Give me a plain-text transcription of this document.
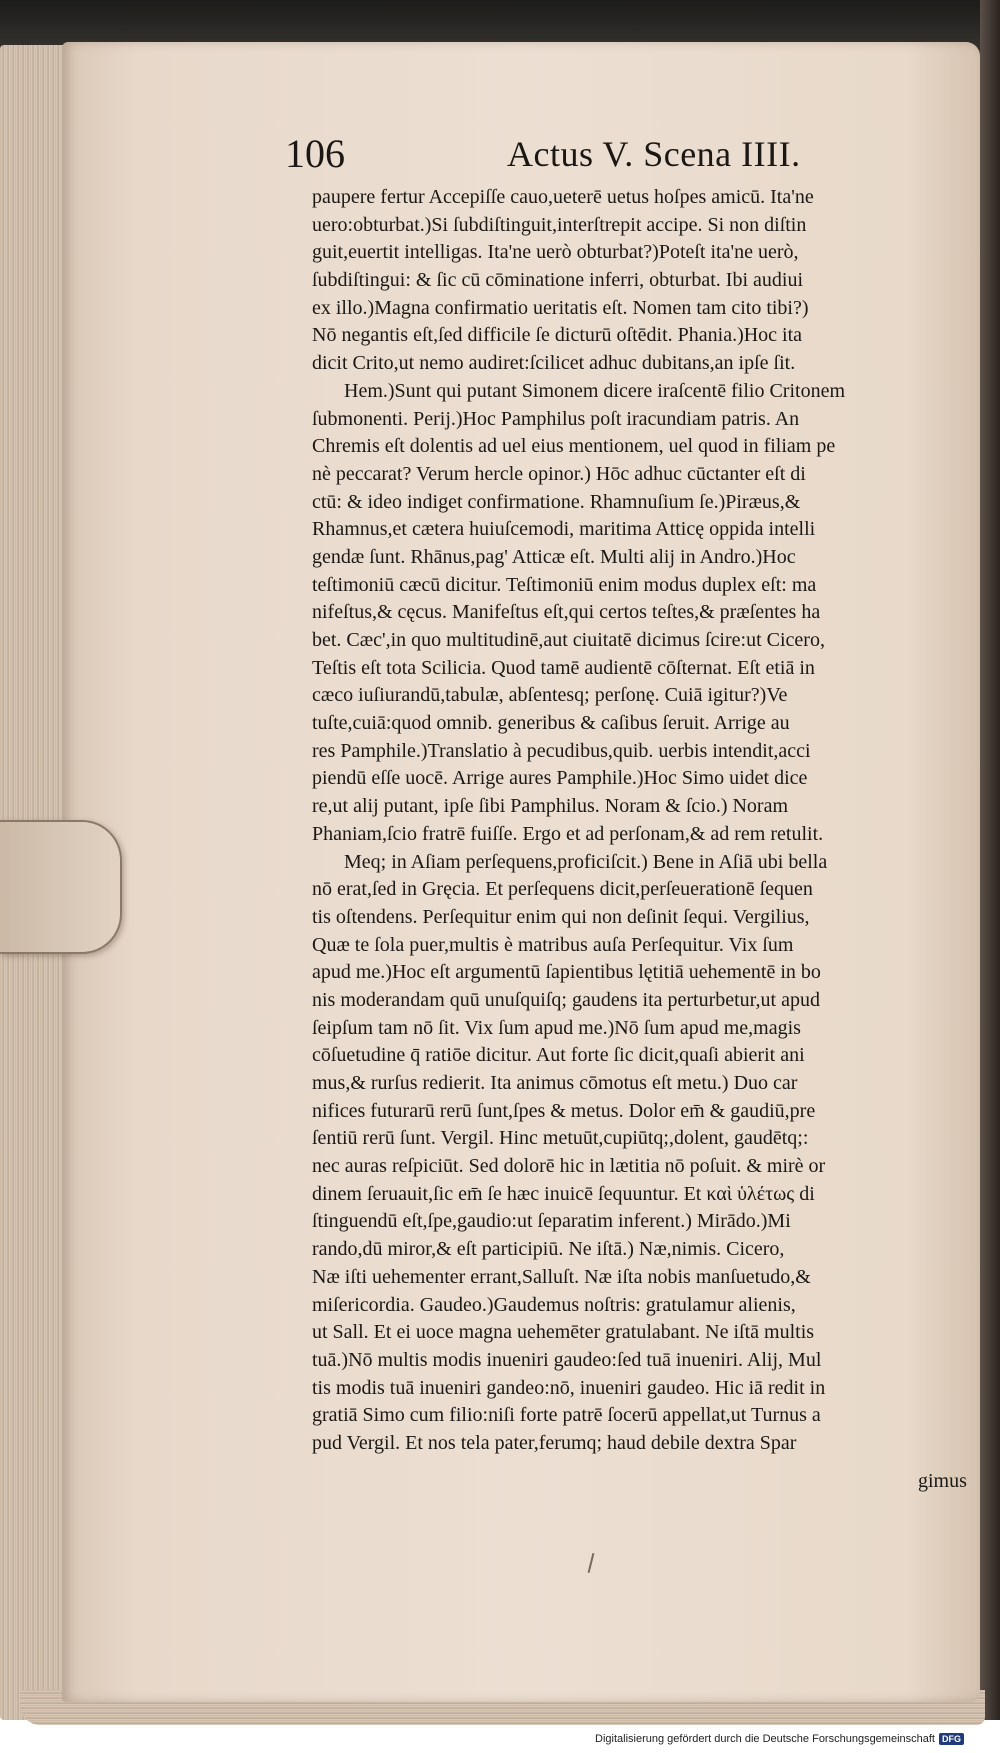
106	Actus V. Scena IIII.
paupere fertur Accepiſſe cauo,ueterē uetus hoſpes amicū. Ita'ne
uero:obturbat.)Si ſubdiſtinguit,interſtrepit accipe. Si non diſtin
guit,euertit intelligas. Ita'ne uerò obturbat?)Poteſt ita'ne uerò,
ſubdiſtingui: & ſic cū cōminatione inferri, obturbat. Ibi audiui
ex illo.)Magna confirmatio ueritatis eſt. Nomen tam cito tibi?)
Nō negantis eſt,ſed difficile ſe dicturū oſtēdit. Phania.)Hoc ita
dicit Crito,ut nemo audiret:ſcilicet adhuc dubitans,an ipſe ſit.
Hem.)Sunt qui putant Simonem dicere iraſcentē filio Critonem
ſubmonenti. Perij.)Hoc Pamphilus poſt iracundiam patris. An
Chremis eſt dolentis ad uel eius mentionem, uel quod in filiam pe
nè peccarat? Verum hercle opinor.) Hōc adhuc cūctanter eſt di
ctū: & ideo indiget confirmatione. Rhamnuſium ſe.)Piræus,&
Rhamnus,et cætera huiuſcemodi, maritima Atticę oppida intelli
gendæ ſunt. Rhānus,pag' Atticæ eſt. Multi alij in Andro.)Hoc
teſtimoniū cæcū dicitur. Teſtimoniū enim modus duplex eſt: ma
nifeſtus,& cęcus. Manifeſtus eſt,qui certos teſtes,& præſentes ha
bet. Cæc',in quo multitudinē,aut ciuitatē dicimus ſcire:ut Cicero,
Teſtis eſt tota Scilicia. Quod tamē audientē cōſternat. Eſt etiā in
cæco iuſiurandū,tabulæ, abſentesq; perſonę. Cuiā igitur?)Ve
tuſte,cuiā:quod omnib. generibus & caſibus ſeruit. Arrige au
res Pamphile.)Translatio à pecudibus,quib. uerbis intendit,acci
piendū eſſe uocē. Arrige aures Pamphile.)Hoc Simo uidet dice
re,ut alij putant, ipſe ſibi Pamphilus. Noram & ſcio.) Noram
Phaniam,ſcio fratrē fuiſſe. Ergo et ad perſonam,& ad rem retulit.
Meq; in Aſiam perſequens,proficiſcit.) Bene in Aſiā ubi bella
nō erat,ſed in Gręcia. Et perſequens dicit,perſeuerationē ſequen
tis oſtendens. Perſequitur enim qui non deſinit ſequi. Vergilius,
Quæ te ſola puer,multis è matribus auſa Perſequitur. Vix ſum
apud me.)Hoc eſt argumentū ſapientibus lętitiā uehementē in bo
nis moderandam quū unuſquiſq; gaudens ita perturbetur,ut apud
ſeipſum tam nō ſit. Vix ſum apud me.)Nō ſum apud me,magis
cōſuetudine q̄ ratiōe dicitur. Aut forte ſic dicit,quaſi abierit ani
mus,& rurſus redierit. Ita animus cōmotus eſt metu.) Duo car
nifices futurarū rerū ſunt,ſpes & metus. Dolor em̄ & gaudiū,pre
ſentiū rerū ſunt. Vergil. Hinc metuūt,cupiūtq;,dolent, gaudētq;:
nec auras reſpiciūt. Sed dolorē hic in lætitia nō poſuit. & mirè or
dinem ſeruauit,ſic em̄ ſe hæc inuicē ſequuntur. Et καὶ ὑλέτως di
ſtinguendū eſt,ſpe,gaudio:ut ſeparatim inferent.) Mirādo.)Mi
rando,dū miror,& eſt participiū. Ne iſtā.) Næ,nimis. Cicero,
Næ iſti uehementer errant,Salluſt. Næ iſta nobis manſuetudo,&
miſericordia. Gaudeo.)Gaudemus noſtris: gratulamur alienis,
ut Sall. Et ei uoce magna uehemēter gratulabant. Ne iſtā multis
tuā.)Nō multis modis inueniri gaudeo:ſed tuā inueniri. Alij, Mul
tis modis tuā inueniri gandeo:nō, inueniri gaudeo. Hic iā redit in
gratiā Simo cum filio:niſi forte patrē ſocerū appellat,ut Turnus a
pud Vergil. Et nos tela pater,ferumq; haud debile dextra Spar
gimus
Digitalisierung gefördert durch die Deutsche Forschungsgemeinschaft DFG
